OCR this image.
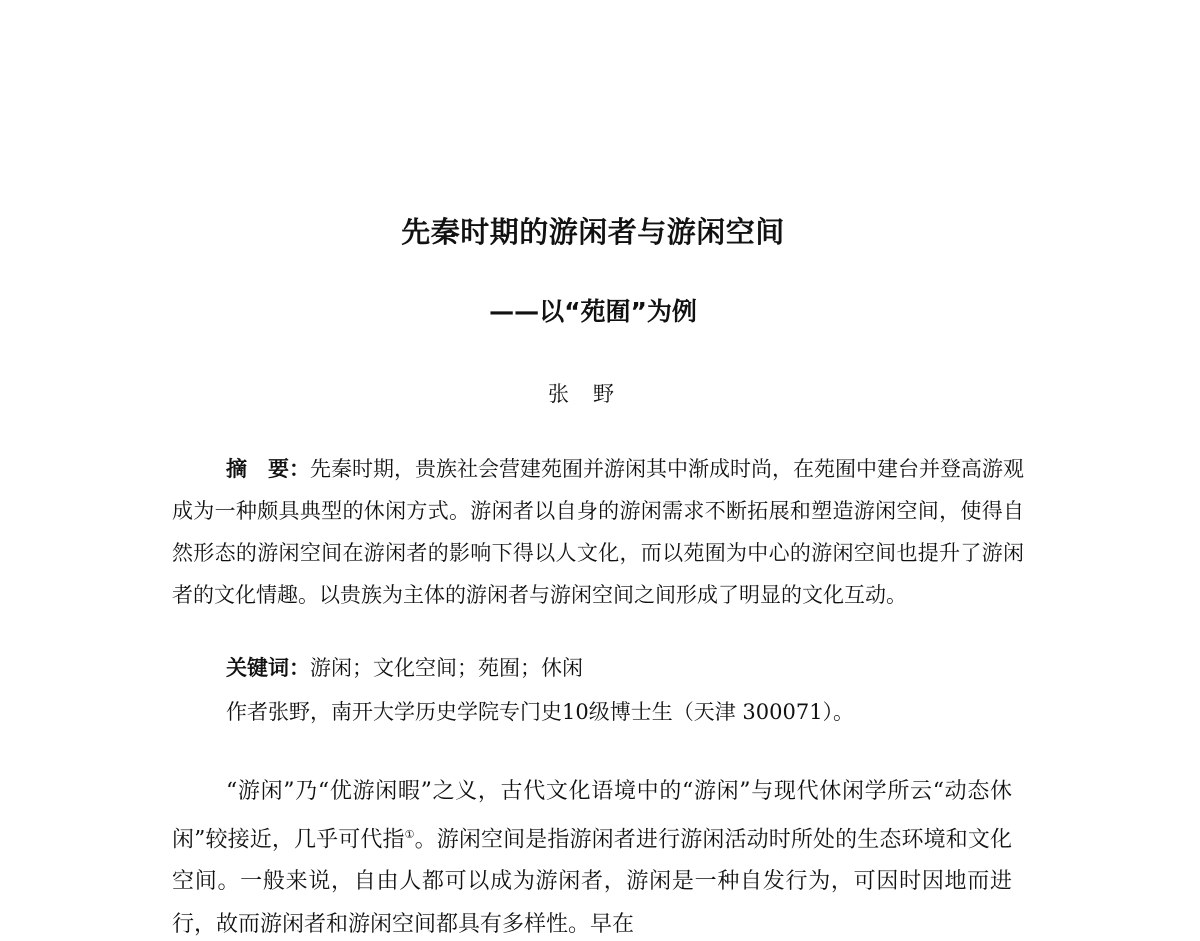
先秦时期的游闲者与游闲空间
——以“苑囿”为例
张野
摘　要：先秦时期，贵族社会营建苑囿并游闲其中渐成时尚，在苑囿中建台并登高游观成为一种颇具典型的休闲方式。游闲者以自身的游闲需求不断拓展和塑造游闲空间，使得自然形态的游闲空间在游闲者的影响下得以人文化，而以苑囿为中心的游闲空间也提升了游闲者的文化情趣。以贵族为主体的游闲者与游闲空间之间形成了明显的文化互动。
关键词：游闲；文化空间；苑囿；休闲
作者张野，南开大学历史学院专门史10级博士生（天津 300071）。
“游闲”乃“优游闲暇”之义，古代文化语境中的“游闲”与现代休闲学所云“动态休闲”较接近，几乎可代指①。游闲空间是指游闲者进行游闲活动时所处的生态环境和文化空间。一般来说，自由人都可以成为游闲者，游闲是一种自发行为，可因时因地而进行，故而游闲者和游闲空间都具有多样性。早在
